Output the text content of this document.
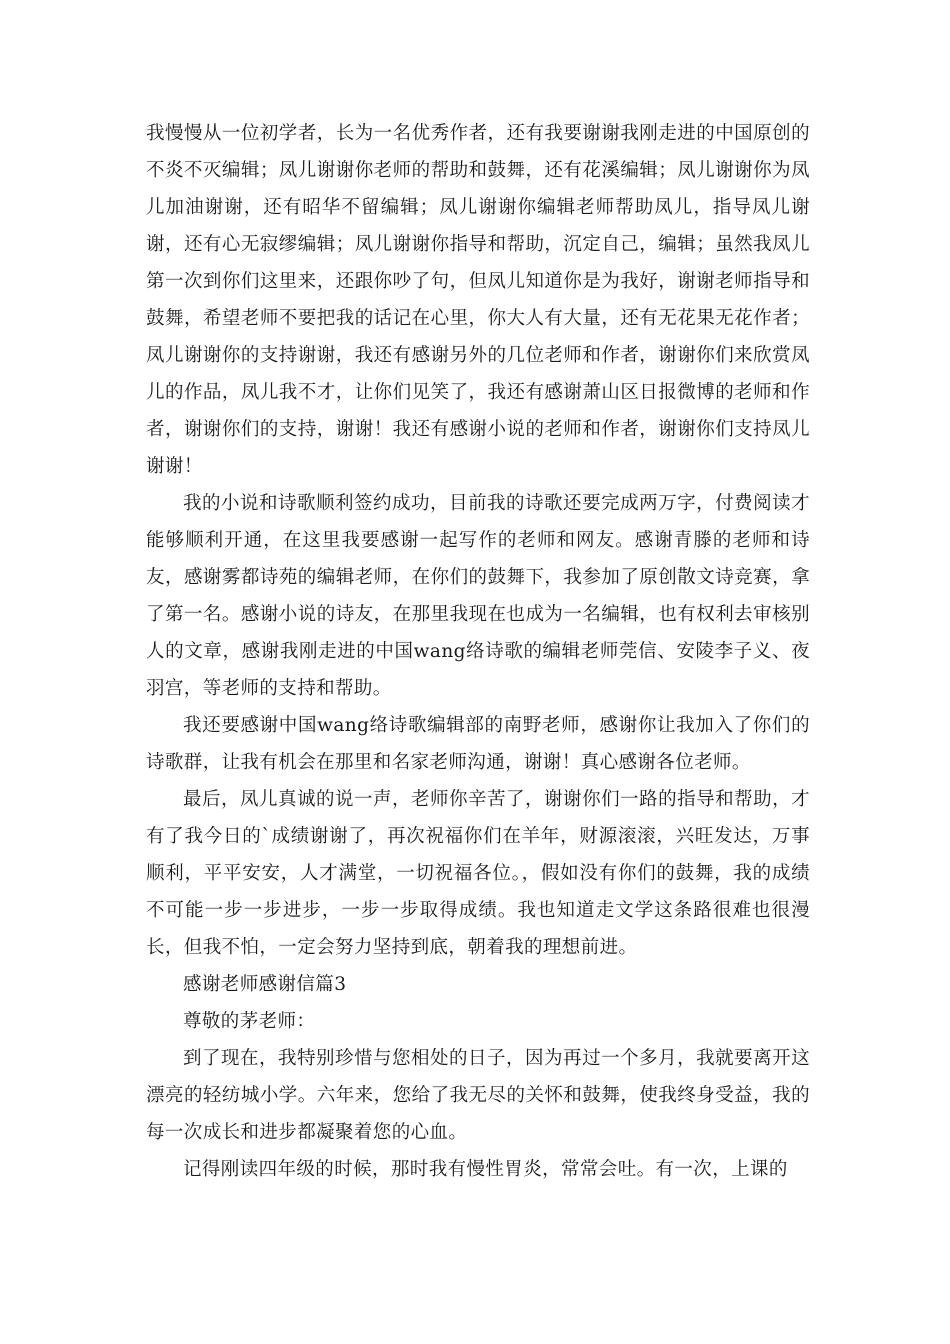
我慢慢从一位初学者，长为一名优秀作者，还有我要谢谢我刚走进的中国原创的不炎不灭编辑；凤儿谢谢你老师的帮助和鼓舞，还有花溪编辑；凤儿谢谢你为凤儿加油谢谢，还有昭华不留编辑；凤儿谢谢你编辑老师帮助凤儿，指导凤儿谢谢，还有心无寂缪编辑；凤儿谢谢你指导和帮助，沉定自己，编辑；虽然我凤儿第一次到你们这里来，还跟你吵了句，但凤儿知道你是为我好，谢谢老师指导和鼓舞，希望老师不要把我的话记在心里，你大人有大量，还有无花果无花作者；凤儿谢谢你的支持谢谢，我还有感谢另外的几位老师和作者，谢谢你们来欣赏凤儿的作品，凤儿我不才，让你们见笑了，我还有感谢萧山区日报微博的老师和作者，谢谢你们的支持，谢谢！我还有感谢小说的老师和作者，谢谢你们支持凤儿谢谢！

我的小说和诗歌顺利签约成功，目前我的诗歌还要完成两万字，付费阅读才能够顺利开通，在这里我要感谢一起写作的老师和网友。感谢青滕的老师和诗友，感谢雾都诗苑的编辑老师，在你们的鼓舞下，我参加了原创散文诗竞赛，拿了第一名。感谢小说的诗友，在那里我现在也成为一名编辑，也有权利去审核别人的文章，感谢我刚走进的中国wang络诗歌的编辑老师莞信、安陵李子义、夜羽宫，等老师的支持和帮助。

我还要感谢中国wang络诗歌编辑部的南野老师，感谢你让我加入了你们的诗歌群，让我有机会在那里和名家老师沟通，谢谢！真心感谢各位老师。

最后，凤儿真诚的说一声，老师你辛苦了，谢谢你们一路的指导和帮助，才有了我今日的`成绩谢谢了，再次祝福你们在羊年，财源滚滚，兴旺发达，万事顺利，平平安安，人才满堂，一切祝福各位。，假如没有你们的鼓舞，我的成绩不可能一步一步进步，一步一步取得成绩。我也知道走文学这条路很难也很漫长，但我不怕，一定会努力坚持到底，朝着我的理想前进。

感谢老师感谢信篇3

尊敬的茅老师：

到了现在，我特别珍惜与您相处的日子，因为再过一个多月，我就要离开这漂亮的轻纺城小学。六年来，您给了我无尽的关怀和鼓舞，使我终身受益，我的每一次成长和进步都凝聚着您的心血。

记得刚读四年级的时候，那时我有慢性胃炎，常常会吐。有一次，上课的
